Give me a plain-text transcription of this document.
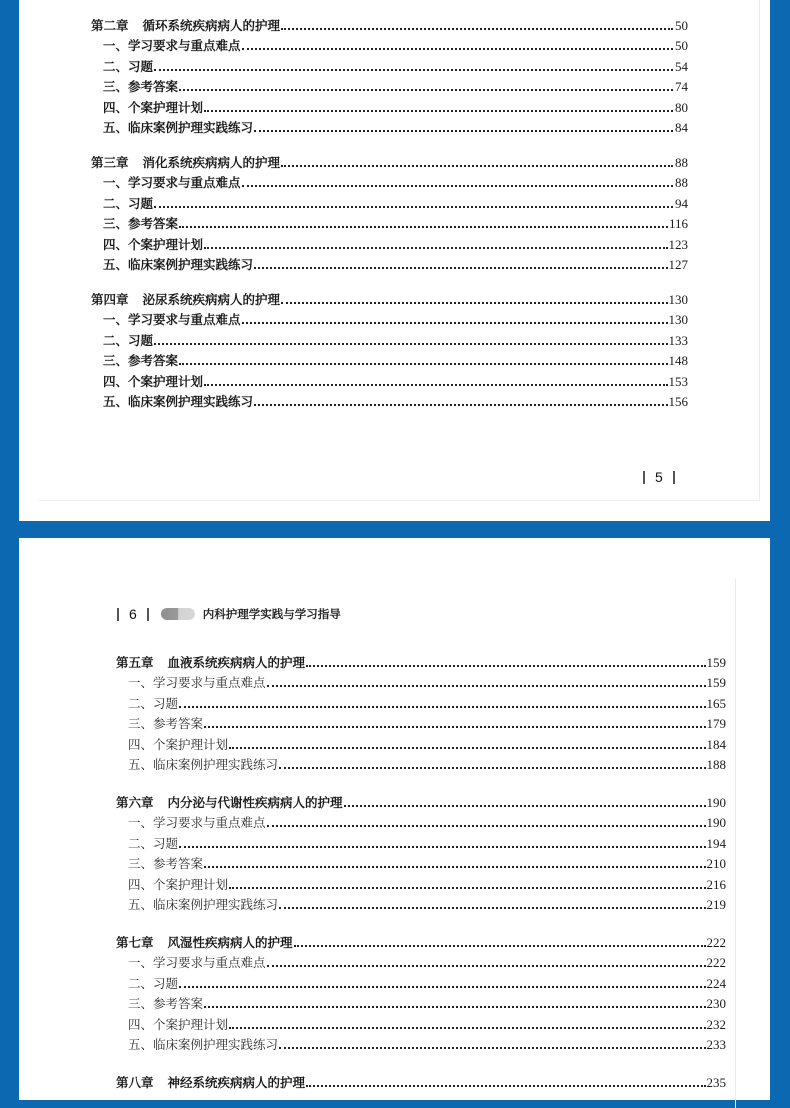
第二章 循环系统疾病病人的护理	50
一、学习要求与重点难点	50
二、习题	54
三、参考答案	74
四、个案护理计划	80
五、临床案例护理实践练习	84
第三章 消化系统疾病病人的护理	88
一、学习要求与重点难点	88
二、习题	94
三、参考答案	116
四、个案护理计划	123
五、临床案例护理实践练习	127
第四章 泌尿系统疾病病人的护理	130
一、学习要求与重点难点	130
二、习题	133
三、参考答案	148
四、个案护理计划	153
五、临床案例护理实践练习	156
5
6	内科护理学实践与学习指导
第五章 血液系统疾病病人的护理	159
一、学习要求与重点难点	159
二、习题	165
三、参考答案	179
四、个案护理计划	184
五、临床案例护理实践练习	188
第六章 内分泌与代谢性疾病病人的护理	190
一、学习要求与重点难点	190
二、习题	194
三、参考答案	210
四、个案护理计划	216
五、临床案例护理实践练习	219
第七章 风湿性疾病病人的护理	222
一、学习要求与重点难点	222
二、习题	224
三、参考答案	230
四、个案护理计划	232
五、临床案例护理实践练习	233
第八章 神经系统疾病病人的护理	235
